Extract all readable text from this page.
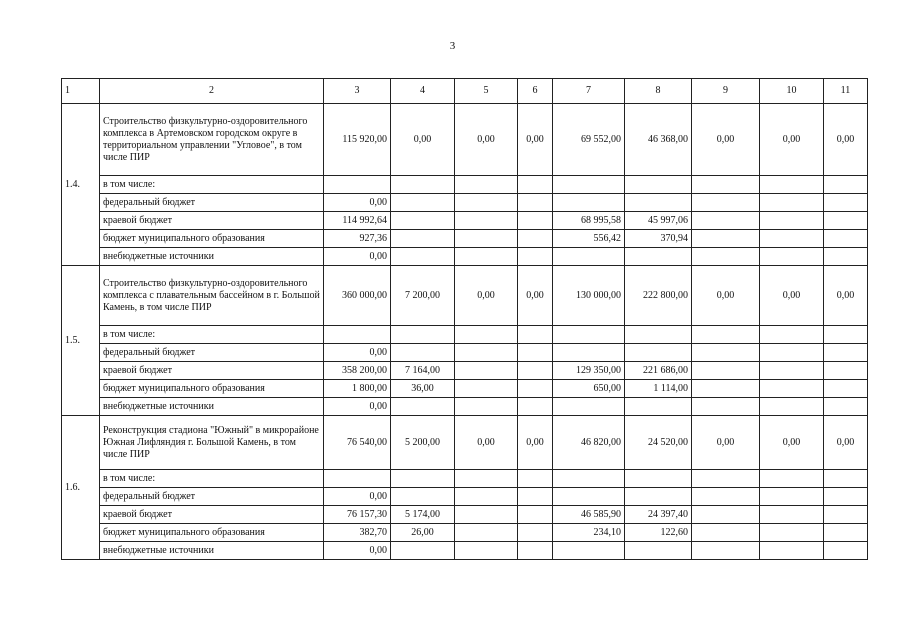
3
1	2	3	4	5	6	7	8	9	10	11
1.4.	Строительство физкультурно-оздоровительного комплекса в Артемовском городском округе в территориальном управлении "Угловое", в том числе ПИР	115 920,00	0,00	0,00	0,00	69 552,00	46 368,00	0,00	0,00	0,00
	в том числе:									
	федеральный бюджет	0,00								
	краевой бюджет	114 992,64				68 995,58	45 997,06			
	бюджет муниципального образования	927,36				556,42	370,94			
	внебюджетные источники	0,00								
1.5.	Строительство физкультурно-оздоровительного комплекса с плавательным бассейном в г. Большой Камень, в том числе ПИР	360 000,00	7 200,00	0,00	0,00	130 000,00	222 800,00	0,00	0,00	0,00
	в том числе:									
	федеральный бюджет	0,00								
	краевой бюджет	358 200,00	7 164,00			129 350,00	221 686,00			
	бюджет муниципального образования	1 800,00	36,00			650,00	1 114,00			
	внебюджетные источники	0,00								
1.6.	Реконструкция стадиона "Южный" в микрорайоне Южная Лифляндия г. Большой Камень, в том числе ПИР	76 540,00	5 200,00	0,00	0,00	46 820,00	24 520,00	0,00	0,00	0,00
	в том числе:									
	федеральный бюджет	0,00								
	краевой бюджет	76 157,30	5 174,00			46 585,90	24 397,40			
	бюджет муниципального образования	382,70	26,00			234,10	122,60			
	внебюджетные источники	0,00								
